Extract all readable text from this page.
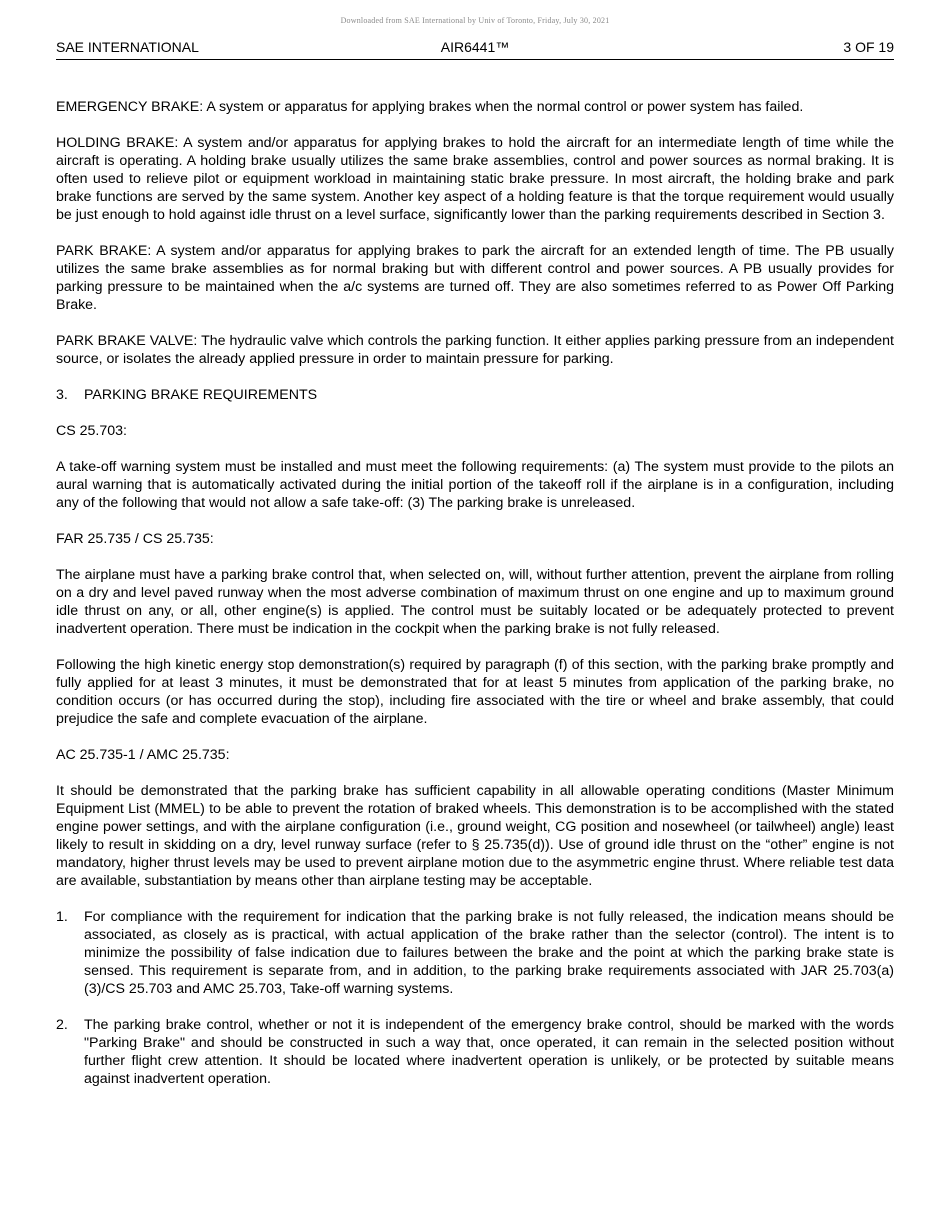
Downloaded from SAE International by Univ of Toronto, Friday, July 30, 2021
SAE INTERNATIONAL	AIR6441™	3 OF 19

EMERGENCY BRAKE: A system or apparatus for applying brakes when the normal control or power system has failed.

HOLDING BRAKE: A system and/or apparatus for applying brakes to hold the aircraft for an intermediate length of time while the aircraft is operating. A holding brake usually utilizes the same brake assemblies, control and power sources as normal braking. It is often used to relieve pilot or equipment workload in maintaining static brake pressure. In most aircraft, the holding brake and park brake functions are served by the same system. Another key aspect of a holding feature is that the torque requirement would usually be just enough to hold against idle thrust on a level surface, significantly lower than the parking requirements described in Section 3.

PARK BRAKE: A system and/or apparatus for applying brakes to park the aircraft for an extended length of time. The PB usually utilizes the same brake assemblies as for normal braking but with different control and power sources. A PB usually provides for parking pressure to be maintained when the a/c systems are turned off. They are also sometimes referred to as Power Off Parking Brake.

PARK BRAKE VALVE: The hydraulic valve which controls the parking function. It either applies parking pressure from an independent source, or isolates the already applied pressure in order to maintain pressure for parking.

3. PARKING BRAKE REQUIREMENTS

CS 25.703:

A take-off warning system must be installed and must meet the following requirements: (a) The system must provide to the pilots an aural warning that is automatically activated during the initial portion of the takeoff roll if the airplane is in a configuration, including any of the following that would not allow a safe take-off: (3) The parking brake is unreleased.

FAR 25.735 / CS 25.735:

The airplane must have a parking brake control that, when selected on, will, without further attention, prevent the airplane from rolling on a dry and level paved runway when the most adverse combination of maximum thrust on one engine and up to maximum ground idle thrust on any, or all, other engine(s) is applied. The control must be suitably located or be adequately protected to prevent inadvertent operation. There must be indication in the cockpit when the parking brake is not fully released.

Following the high kinetic energy stop demonstration(s) required by paragraph (f) of this section, with the parking brake promptly and fully applied for at least 3 minutes, it must be demonstrated that for at least 5 minutes from application of the parking brake, no condition occurs (or has occurred during the stop), including fire associated with the tire or wheel and brake assembly, that could prejudice the safe and complete evacuation of the airplane.

AC 25.735-1 / AMC 25.735:

It should be demonstrated that the parking brake has sufficient capability in all allowable operating conditions (Master Minimum Equipment List (MMEL) to be able to prevent the rotation of braked wheels. This demonstration is to be accomplished with the stated engine power settings, and with the airplane configuration (i.e., ground weight, CG position and nosewheel (or tailwheel) angle) least likely to result in skidding on a dry, level runway surface (refer to § 25.735(d)). Use of ground idle thrust on the “other” engine is not mandatory, higher thrust levels may be used to prevent airplane motion due to the asymmetric engine thrust. Where reliable test data are available, substantiation by means other than airplane testing may be acceptable.

1. For compliance with the requirement for indication that the parking brake is not fully released, the indication means should be associated, as closely as is practical, with actual application of the brake rather than the selector (control). The intent is to minimize the possibility of false indication due to failures between the brake and the point at which the parking brake state is sensed. This requirement is separate from, and in addition, to the parking brake requirements associated with JAR 25.703(a)(3)/CS 25.703 and AMC 25.703, Take-off warning systems.
2. The parking brake control, whether or not it is independent of the emergency brake control, should be marked with the words "Parking Brake" and should be constructed in such a way that, once operated, it can remain in the selected position without further flight crew attention. It should be located where inadvertent operation is unlikely, or be protected by suitable means against inadvertent operation.
